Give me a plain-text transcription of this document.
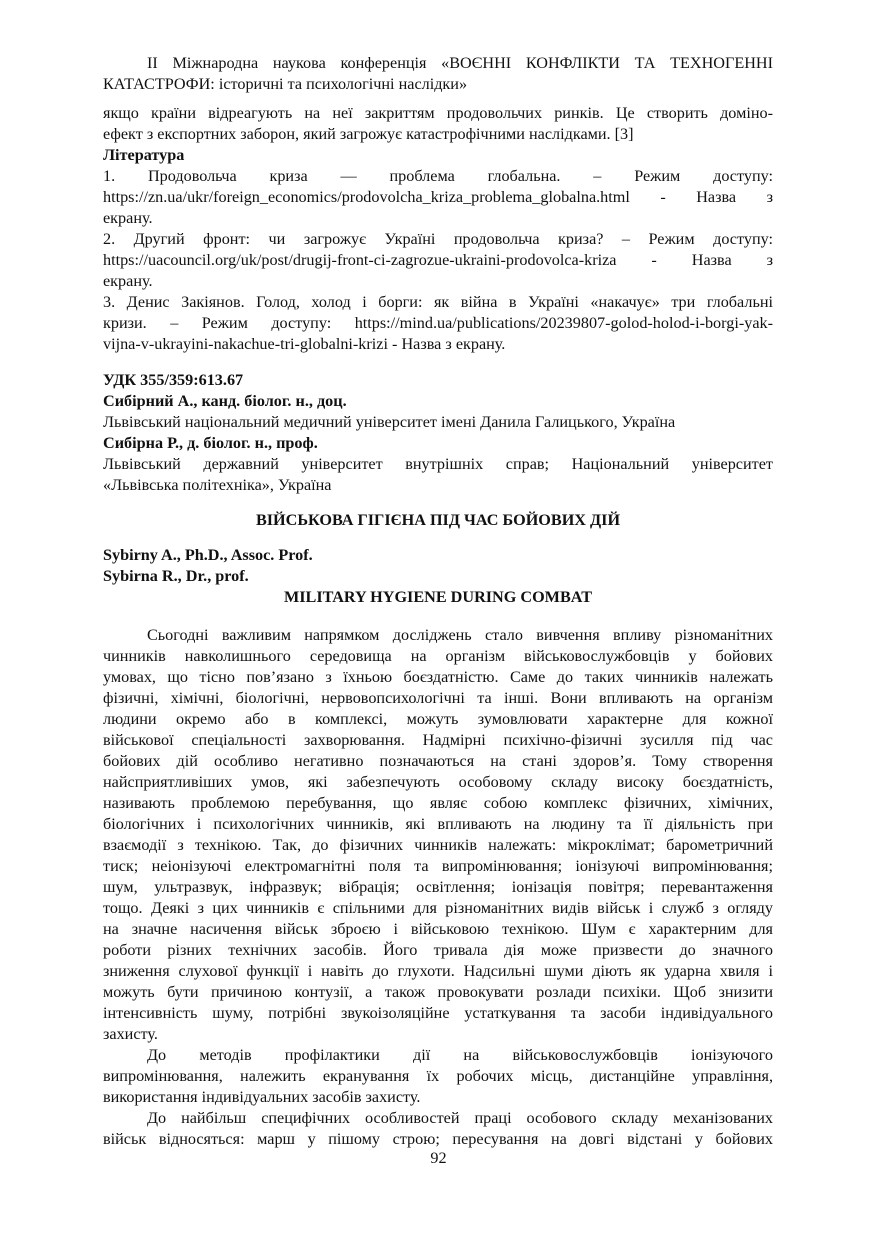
II Міжнародна наукова конференція «ВОЄННІ КОНФЛІКТИ ТА ТЕХНОГЕННІ
КАТАСТРОФИ: історичні та психологічні наслідки»
якщо країни відреагують на неї закриттям продовольчих ринків. Це створить доміно-
ефект з експортних заборон, який загрожує катастрофічними наслідками. [3]
Література
1. Продовольча криза — проблема глобальна. – Режим доступу:
https://zn.ua/ukr/foreign_economics/prodovolcha_kriza_problema_globalna.html - Назва з
екрану.
2. Другий фронт: чи загрожує Україні продовольча криза? – Режим доступу:
https://uacouncil.org/uk/post/drugij-front-ci-zagrozue-ukraini-prodovolca-kriza - Назва з
екрану.
3. Денис Закіянов. Голод, холод і борги: як війна в Україні «накачує» три глобальні
кризи. – Режим доступу: https://mind.ua/publications/20239807-golod-holod-i-borgi-yak-
vijna-v-ukrayini-nakachue-tri-globalni-krizi - Назва з екрану.
УДК 355/359:613.67
Сибірний А., канд. біолог. н., доц.
Львівський національний медичний університет імені Данила Галицького, Україна
Сибірна Р., д. біолог. н., проф.
Львівський державний університет внутрішніх справ; Національний університет
«Львівська політехніка», Україна
ВІЙСЬКОВА ГІГІЄНА ПІД ЧАС БОЙОВИХ ДІЙ
Sybirny A., Ph.D., Assoc. Prof.
Sybirna R., Dr., prof.
MILITARY HYGIENE DURING COMBAT
Сьогодні важливим напрямком досліджень стало вивчення впливу різноманітних
чинників навколишнього середовища на організм військовослужбовців у бойових
умовах, що тісно пов’язано з їхньою боєздатністю. Саме до таких чинників належать
фізичні, хімічні, біологічні, нервовопсихологічні та інші. Вони впливають на організм
людини окремо або в комплексі, можуть зумовлювати характерне для кожної
військової спеціальності захворювання. Надмірні психічно-фізичні зусилля під час
бойових дій особливо негативно позначаються на стані здоров’я. Тому створення
найсприятливіших умов, які забезпечують особовому складу високу боєздатність,
називають проблемою перебування, що являє собою комплекс фізичних, хімічних,
біологічних і психологічних чинників, які впливають на людину та її діяльність при
взаємодії з технікою. Так, до фізичних чинників належать: мікроклімат; барометричний
тиск; неіонізуючі електромагнітні поля та випромінювання; іонізуючі випромінювання;
шум, ультразвук, інфразвук; вібрація; освітлення; іонізація повітря; перевантаження
тощо. Деякі з цих чинників є спільними для різноманітних видів військ і служб з огляду
на значне насичення військ зброєю і військовою технікою. Шум є характерним для
роботи різних технічних засобів. Його тривала дія може призвести до значного
зниження слухової функції і навіть до глухоти. Надсильні шуми діють як ударна хвиля і
можуть бути причиною контузії, а також провокувати розлади психіки. Щоб знизити
інтенсивність шуму, потрібні звукоізоляційне устаткування та засоби індивідуального
захисту.
До методів профілактики дії на військовослужбовців іонізуючого
випромінювання, належить екранування їх робочих місць, дистанційне управління,
використання індивідуальних засобів захисту.
До найбільш специфічних особливостей праці особового складу механізованих
військ відносяться: марш у пішому строю; пересування на довгі відстані у бойових
92
